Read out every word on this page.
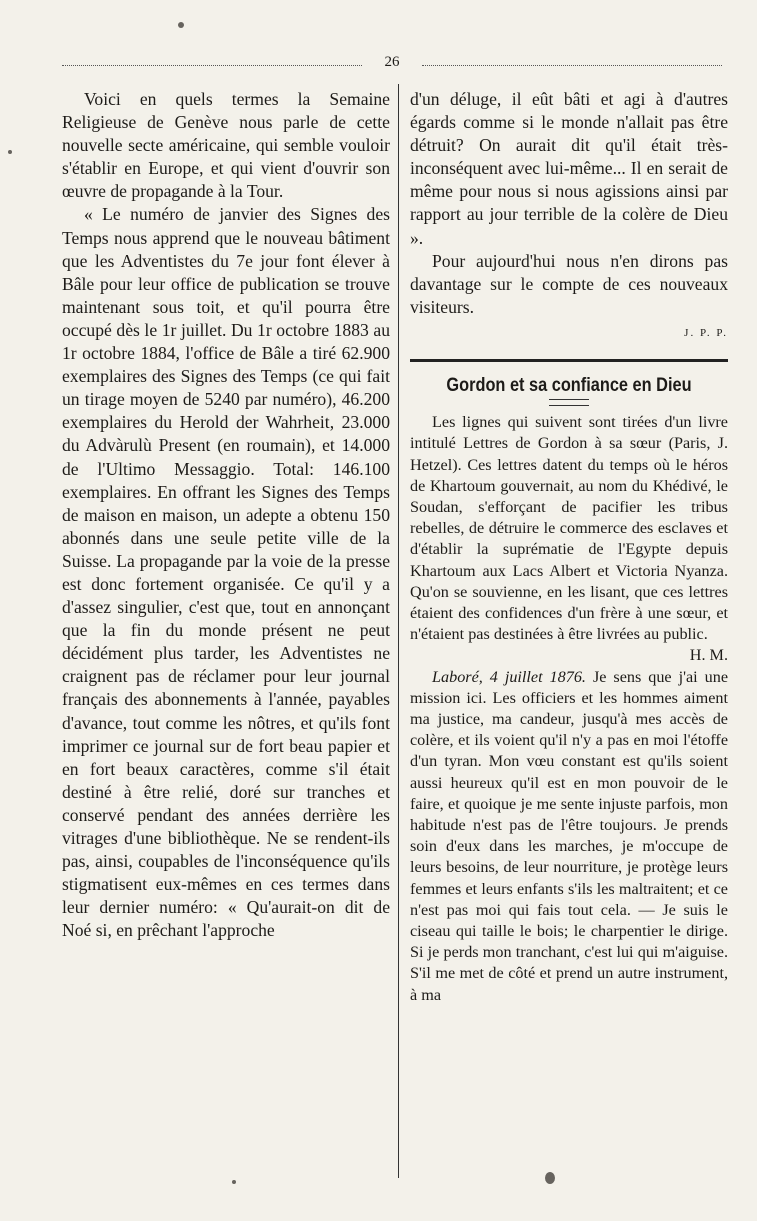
26

Voici en quels termes la Semaine Religieuse de Genève nous parle de cette nouvelle secte américaine, qui semble vouloir s'établir en Europe, et qui vient d'ouvrir son œuvre de propagande à la Tour.

« Le numéro de janvier des Signes des Temps nous apprend que le nouveau bâtiment que les Adventistes du 7e jour font élever à Bâle pour leur office de publication se trouve maintenant sous toit, et qu'il pourra être occupé dès le 1r juillet. Du 1r octobre 1883 au 1r octobre 1884, l'office de Bâle a tiré 62.900 exemplaires des Signes des Temps (ce qui fait un tirage moyen de 5240 par numéro), 46.200 exemplaires du Herold der Wahrheit, 23.000 du Advàrulù Present (en roumain), et 14.000 de l'Ultimo Messaggio. Total: 146.100 exemplaires. En offrant les Signes des Temps de maison en maison, un adepte a obtenu 150 abonnés dans une seule petite ville de la Suisse. La propagande par la voie de la presse est donc fortement organisée. Ce qu'il y a d'assez singulier, c'est que, tout en annonçant que la fin du monde présent ne peut décidément plus tarder, les Adventistes ne craignent pas de réclamer pour leur journal français des abonnements à l'année, payables d'avance, tout comme les nôtres, et qu'ils font imprimer ce journal sur de fort beau papier et en fort beaux caractères, comme s'il était destiné à être relié, doré sur tranches et conservé pendant des années derrière les vitrages d'une bibliothèque. Ne se rendent-ils pas, ainsi, coupables de l'inconséquence qu'ils stigmatisent eux-mêmes en ces termes dans leur dernier numéro: « Qu'aurait-on dit de Noé si, en prêchant l'approche

d'un déluge, il eût bâti et agi à d'autres égards comme si le monde n'allait pas être détruit? On aurait dit qu'il était très-inconséquent avec lui-même... Il en serait de même pour nous si nous agissions ainsi par rapport au jour terrible de la colère de Dieu ».

Pour aujourd'hui nous n'en dirons pas davantage sur le compte de ces nouveaux visiteurs.

J. P. P.

Gordon et sa confiance en Dieu

Les lignes qui suivent sont tirées d'un livre intitulé Lettres de Gordon à sa sœur (Paris, J. Hetzel). Ces lettres datent du temps où le héros de Khartoum gouvernait, au nom du Khédivé, le Soudan, s'efforçant de pacifier les tribus rebelles, de détruire le commerce des esclaves et d'établir la suprématie de l'Egypte depuis Khartoum aux Lacs Albert et Victoria Nyanza. Qu'on se souvienne, en les lisant, que ces lettres étaient des confidences d'un frère à une sœur, et n'étaient pas destinées à être livrées au public.

H. M.

Laboré, 4 juillet 1876. Je sens que j'ai une mission ici. Les officiers et les hommes aiment ma justice, ma candeur, jusqu'à mes accès de colère, et ils voient qu'il n'y a pas en moi l'étoffe d'un tyran. Mon vœu constant est qu'ils soient aussi heureux qu'il est en mon pouvoir de le faire, et quoique je me sente injuste parfois, mon habitude n'est pas de l'être toujours. Je prends soin d'eux dans les marches, je m'occupe de leurs besoins, de leur nourriture, je protège leurs femmes et leurs enfants s'ils les maltraitent; et ce n'est pas moi qui fais tout cela. — Je suis le ciseau qui taille le bois; le charpentier le dirige. Si je perds mon tranchant, c'est lui qui m'aiguise. S'il me met de côté et prend un autre instrument, à ma
